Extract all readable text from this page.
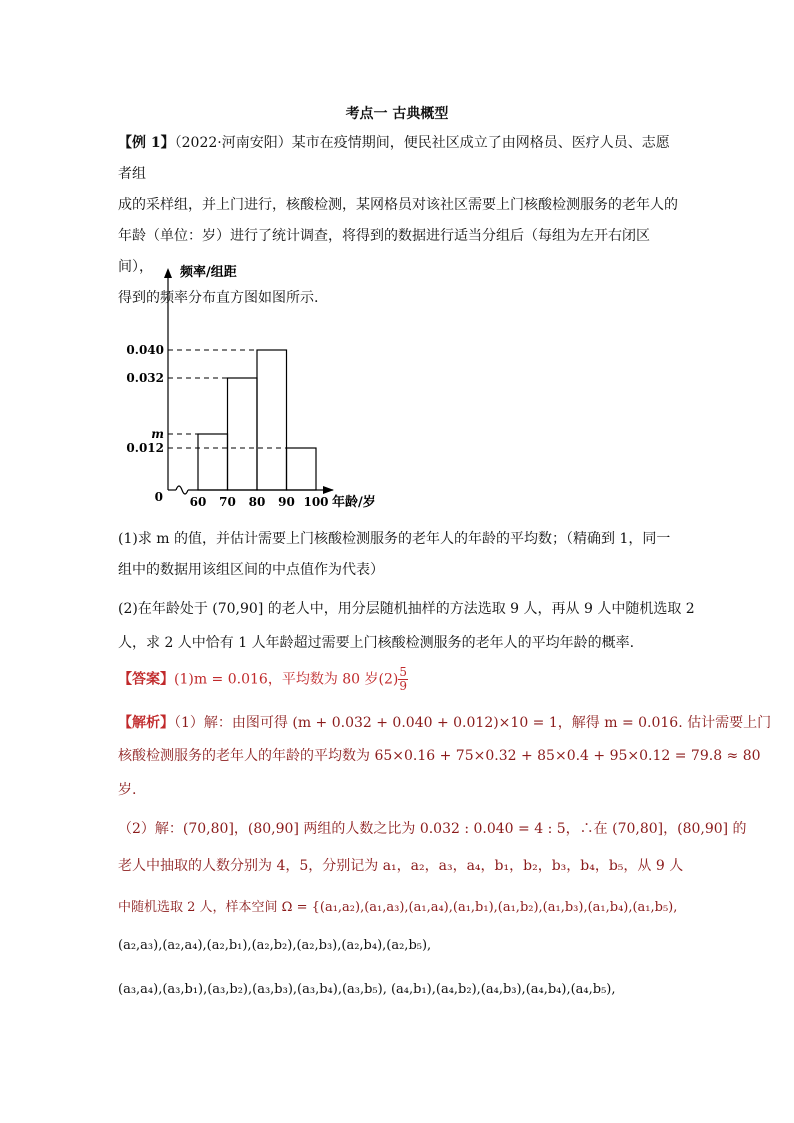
考点一 古典概型
【例 1】（2022·河南安阳）某市在疫情期间，便民社区成立了由网格员、医疗人员、志愿者组
成的采样组，并上门进行，核酸检测，某网格员对该社区需要上门核酸检测服务的老年人的
年龄（单位：岁）进行了统计调查，将得到的数据进行适当分组后（每组为左开右闭区间），
得到的频率分布直方图如图所示.
频率/组距
年龄/岁
0 60 70 80 90 100
0.040
0.032
m
0.012
(1)求 m 的值，并估计需要上门核酸检测服务的老年人的年龄的平均数；（精确到 1，同一
组中的数据用该组区间的中点值作为代表）
(2)在年龄处于 (70,90] 的老人中，用分层随机抽样的方法选取 9 人，再从 9 人中随机选取 2
人，求 2 人中恰有 1 人年龄超过需要上门核酸检测服务的老年人的平均年龄的概率.
【答案】(1)m = 0.016，平均数为 80 岁$(2) \frac{5}{9}$
【解析】（1）解：由图可得 (m + 0.032 + 0.040 + 0.012)×10 = 1，解得 m = 0.016. 估计需要上门
核酸检测服务的老年人的年龄的平均数为 65×0.16 + 75×0.32 + 85×0.4 + 95×0.12 = 79.8 ≈ 80
岁.
（2）解：(70,80]，(80,90] 两组的人数之比为 0.032 : 0.040 = 4 : 5，∴在 (70,80]，(80,90] 的
老人中抽取的人数分别为 4，5，分别记为 a₁，a₂，a₃，a₄，b₁，b₂，b₃，b₄，b₅，从 9 人
中随机选取 2 人，样本空间 Ω = {(a₁,a₂),(a₁,a₃),(a₁,a₄),(a₁,b₁),(a₁,b₂),(a₁,b₃),(a₁,b₄),(a₁,b₅),
(a₂,a₃),(a₂,a₄),(a₂,b₁),(a₂,b₂),(a₂,b₃),(a₂,b₄),(a₂,b₅),
(a₃,a₄),(a₃,b₁),(a₃,b₂),(a₃,b₃),(a₃,b₄),(a₃,b₅), (a₄,b₁),(a₄,b₂),(a₄,b₃),(a₄,b₄),(a₄,b₅),
